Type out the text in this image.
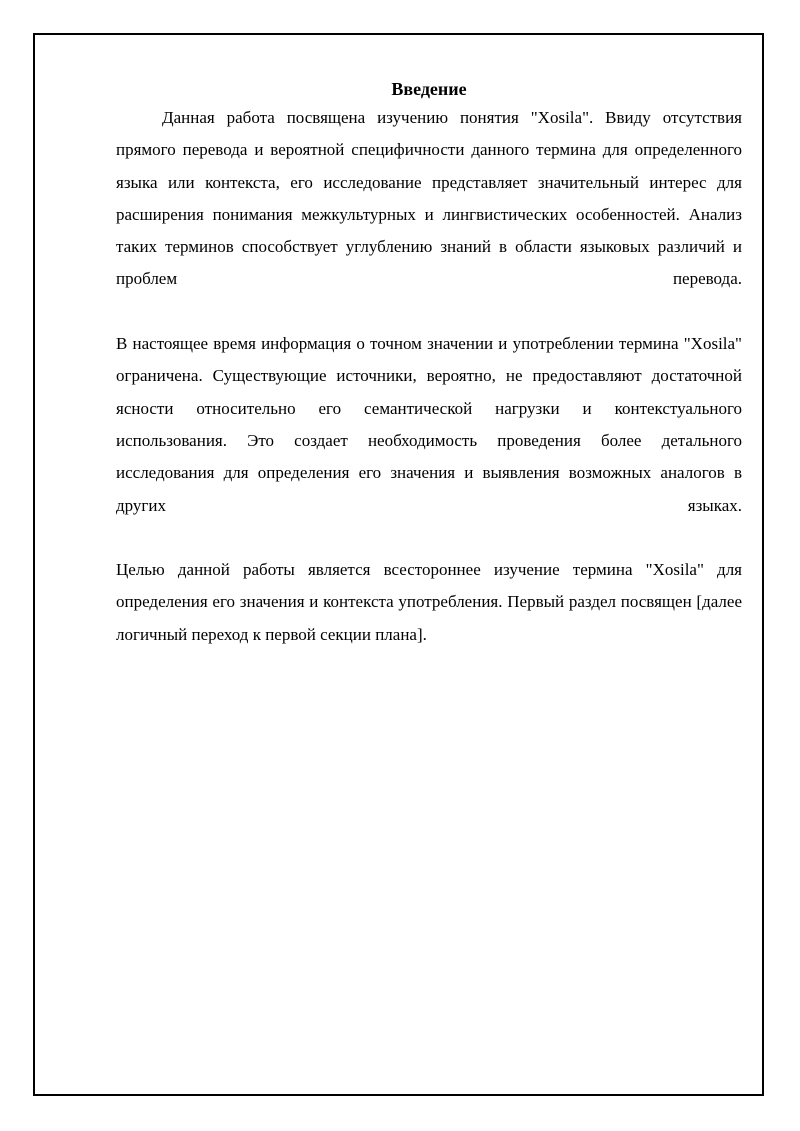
Введение

Данная работа посвящена изучению понятия "Xosila". Ввиду отсутствия прямого перевода и вероятной специфичности данного термина для определенного языка или контекста, его исследование представляет значительный интерес для расширения понимания межкультурных и лингвистических особенностей. Анализ таких терминов способствует углублению знаний в области языковых различий и проблем перевода.

В настоящее время информация о точном значении и употреблении термина "Xosila" ограничена. Существующие источники, вероятно, не предоставляют достаточной ясности относительно его семантической нагрузки и контекстуального использования. Это создает необходимость проведения более детального исследования для определения его значения и выявления возможных аналогов в других языках.

Целью данной работы является всестороннее изучение термина "Xosila" для определения его значения и контекста употребления. Первый раздел посвящен [далее логичный переход к первой секции плана].
